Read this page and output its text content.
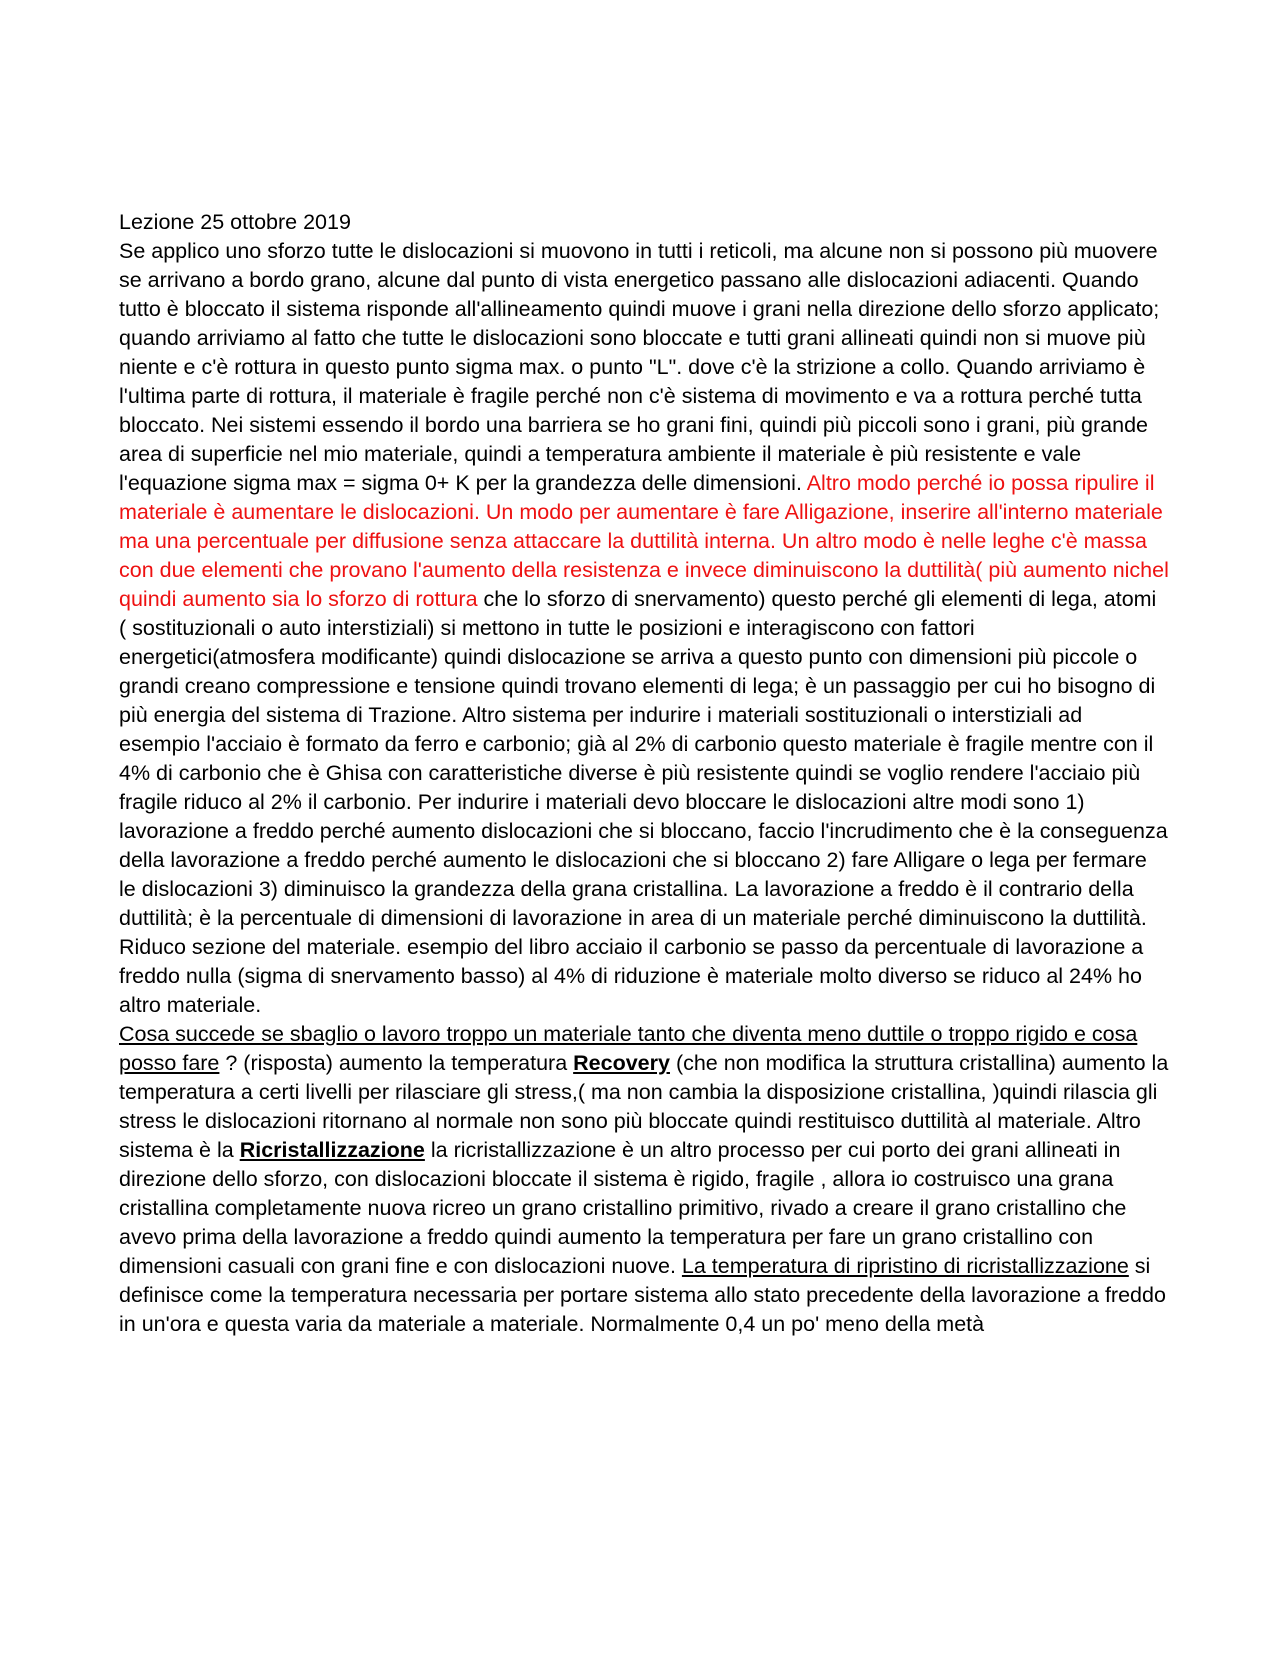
Lezione 25 ottobre 2019

Se applico uno sforzo tutte le dislocazioni si muovono in tutti i reticoli, ma alcune non si possono più muovere se arrivano a bordo grano, alcune dal punto di vista energetico passano alle dislocazioni adiacenti. Quando tutto è bloccato il sistema risponde all'allineamento quindi muove i grani nella direzione dello sforzo applicato; quando arriviamo al fatto che tutte le dislocazioni sono bloccate e tutti grani allineati quindi non si muove più niente e c'è rottura in questo punto sigma max. o punto "L". dove c'è la strizione a collo. Quando arriviamo è l'ultima parte di rottura, il materiale è fragile perché non c'è sistema di movimento e va a rottura perché tutta bloccato. Nei sistemi essendo il bordo una barriera se ho grani fini, quindi più piccoli sono i grani, più grande area di superficie nel mio materiale, quindi a temperatura ambiente il materiale è più resistente e vale l'equazione sigma max = sigma 0+ K per la grandezza delle dimensioni. Altro modo perché io possa ripulire il materiale è aumentare le dislocazioni. Un modo per aumentare è fare Alligazione, inserire all'interno materiale ma una percentuale per diffusione senza attaccare la duttilità interna. Un altro modo è nelle leghe c'è massa con due elementi che provano l'aumento della resistenza e invece diminuiscono la duttilità( più aumento nichel quindi aumento sia lo sforzo di rottura che lo sforzo di snervamento) questo perché gli elementi di lega, atomi ( sostituzionali o auto interstiziali) si mettono in tutte le posizioni e interagiscono con fattori energetici(atmosfera modificante) quindi dislocazione se arriva a questo punto con dimensioni più piccole o grandi creano compressione e tensione quindi trovano elementi di lega; è un passaggio per cui ho bisogno di più energia del sistema di Trazione. Altro sistema per indurire i materiali sostituzionali o interstiziali ad esempio l'acciaio è formato da ferro e carbonio; già al 2% di carbonio questo materiale è fragile mentre con il 4% di carbonio che è Ghisa con caratteristiche diverse è più resistente quindi se voglio rendere l'acciaio più fragile riduco al 2% il carbonio. Per indurire i materiali devo bloccare le dislocazioni altre modi sono 1) lavorazione a freddo perché aumento dislocazioni che si bloccano, faccio l'incrudimento che è la conseguenza della lavorazione a freddo perché aumento le dislocazioni che si bloccano 2) fare Alligare o lega per fermare le dislocazioni 3) diminuisco la grandezza della grana cristallina. La lavorazione a freddo è il contrario della duttilità; è la percentuale di dimensioni di lavorazione in area di un materiale perché diminuiscono la duttilità. Riduco sezione del materiale. esempio del libro acciaio il carbonio se passo da percentuale di lavorazione a freddo nulla (sigma di snervamento basso) al 4% di riduzione è materiale molto diverso se riduco al 24% ho altro materiale.

Cosa succede se sbaglio o lavoro troppo un materiale tanto che diventa meno duttile o troppo rigido e cosa posso fare ? (risposta) aumento la temperatura Recovery (che non modifica la struttura cristallina) aumento la temperatura a certi livelli per rilasciare gli stress,( ma non cambia la disposizione cristallina, )quindi rilascia gli stress le dislocazioni ritornano al normale non sono più bloccate quindi restituisco duttilità al materiale. Altro sistema è la Ricristallizzazione la ricristallizzazione è un altro processo per cui porto dei grani allineati in direzione dello sforzo, con dislocazioni bloccate il sistema è rigido, fragile , allora io costruisco una grana cristallina completamente nuova ricreo un grano cristallino primitivo, rivado a creare il grano cristallino che avevo prima della lavorazione a freddo quindi aumento la temperatura per fare un grano cristallino con dimensioni casuali con grani fine e con dislocazioni nuove. La temperatura di ripristino di ricristallizzazione si definisce come la temperatura necessaria per portare sistema allo stato precedente della lavorazione a freddo in un'ora e questa varia da materiale a materiale. Normalmente 0,4 un po' meno della metà
